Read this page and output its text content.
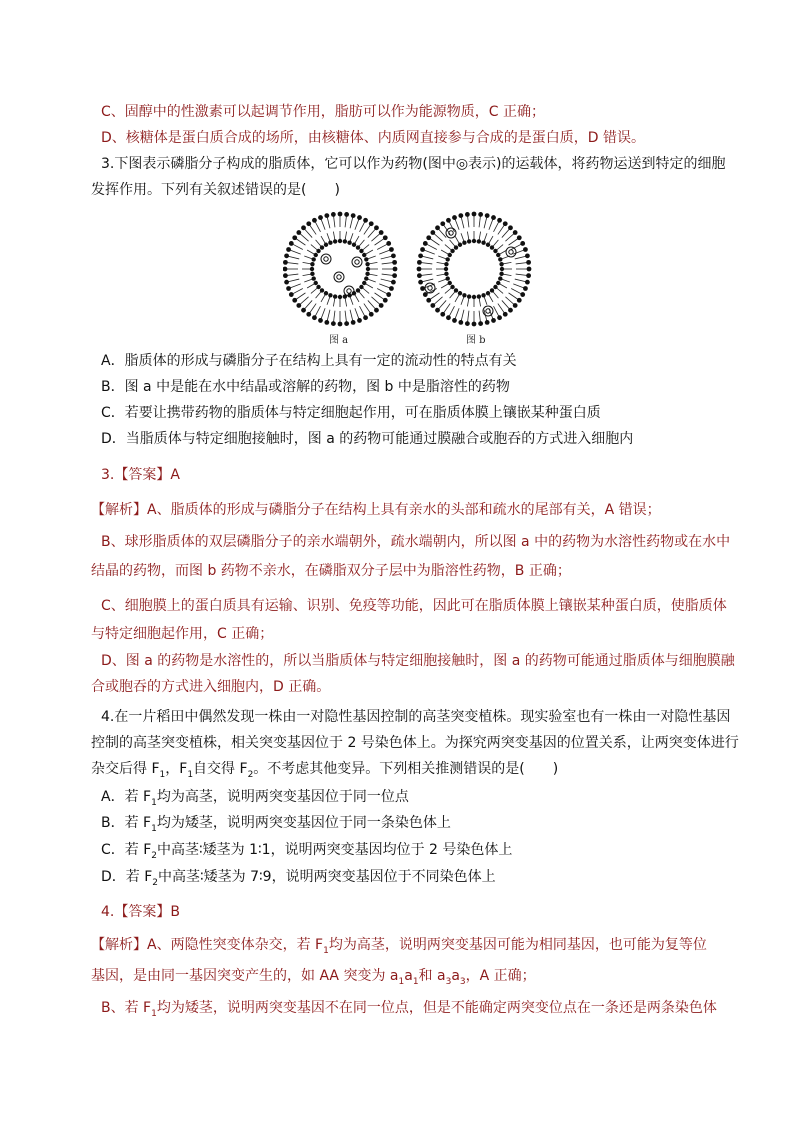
C、固醇中的性激素可以起调节作用，脂肪可以作为能源物质，C 正确；
D、核糖体是蛋白质合成的场所，由核糖体、内质网直接参与合成的是蛋白质，D 错误。
3.下图表示磷脂分子构成的脂质体，它可以作为药物(图中◎表示)的运载体，将药物运送到特定的细胞
发挥作用。下列有关叙述错误的是(　　)
图 a	图 b
A．脂质体的形成与磷脂分子在结构上具有一定的流动性的特点有关
B．图 a 中是能在水中结晶或溶解的药物，图 b 中是脂溶性的药物
C．若要让携带药物的脂质体与特定细胞起作用，可在脂质体膜上镶嵌某种蛋白质
D．当脂质体与特定细胞接触时，图 a 的药物可能通过膜融合或胞吞的方式进入细胞内
3.【答案】A
【解析】A、脂质体的形成与磷脂分子在结构上具有亲水的头部和疏水的尾部有关，A 错误；
B、球形脂质体的双层磷脂分子的亲水端朝外，疏水端朝内，所以图 a 中的药物为水溶性药物或在水中
结晶的药物，而图 b 药物不亲水，在磷脂双分子层中为脂溶性药物，B 正确；
C、细胞膜上的蛋白质具有运输、识别、免疫等功能，因此可在脂质体膜上镶嵌某种蛋白质，使脂质体
与特定细胞起作用，C 正确；
D、图 a 的药物是水溶性的，所以当脂质体与特定细胞接触时，图 a 的药物可能通过脂质体与细胞膜融
合或胞吞的方式进入细胞内，D 正确。
4.在一片稻田中偶然发现一株由一对隐性基因控制的高茎突变植株。现实验室也有一株由一对隐性基因
控制的高茎突变植株，相关突变基因位于 2 号染色体上。为探究两突变基因的位置关系，让两突变体进行
杂交后得 $F_1$，$F_1$自交得 $F_2$。不考虑其他变异。下列相关推测错误的是(　　)
A．若 $F_1$均为高茎，说明两突变基因位于同一位点
B．若 $F_1$均为矮茎，说明两突变基因位于同一条染色体上
C．若 $F_2$中高茎∶矮茎为 1∶1，说明两突变基因均位于 2 号染色体上
D．若 $F_2$中高茎∶矮茎为 7∶9，说明两突变基因位于不同染色体上
4.【答案】B
【解析】A、两隐性突变体杂交，若 $F_1$均为高茎，说明两突变基因可能为相同基因，也可能为复等位
基因，是由同一基因突变产生的，如 AA 突变为 $a_1a_1$和 $a_3a_3$，A 正确；
B、若 $F_1$均为矮茎，说明两突变基因不在同一位点，但是不能确定两突变位点在一条还是两条染色体
